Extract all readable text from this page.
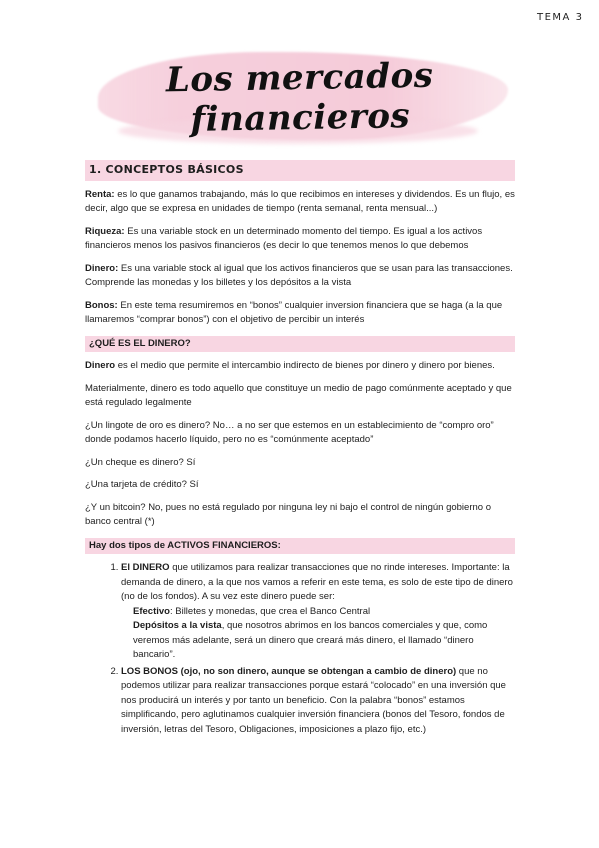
TEMA 3
Los mercados financieros
1. CONCEPTOS BÁSICOS

Renta: es lo que ganamos trabajando, más lo que recibimos en intereses y dividendos. Es un flujo, es decir, algo que se expresa en unidades de tiempo (renta semanal, renta mensual...)

Riqueza: Es una variable stock en un determinado momento del tiempo. Es igual a los activos financieros menos los pasivos financieros (es decir lo que tenemos menos lo que debemos

Dinero: Es una variable stock al igual que los activos financieros que se usan para las transacciones. Comprende las monedas y los billetes y los depósitos a la vista

Bonos: En este tema resumiremos en “bonos” cualquier inversion financiera que se haga (a la que llamaremos “comprar bonos”) con el objetivo de percibir un interés

¿QUÉ ES EL DINERO?

Dinero es el medio que permite el intercambio indirecto de bienes por dinero y dinero por bienes.

Materialmente, dinero es todo aquello que constituye un medio de pago comúnmente aceptado y que está regulado legalmente

¿Un lingote de oro es dinero? No… a no ser que estemos en un establecimiento de “compro oro” donde podamos hacerlo líquido, pero no es “comúnmente aceptado”

¿Un cheque es dinero? Sí

¿Una tarjeta de crédito? Sí

¿Y un bitcoin? No, pues no está regulado por ninguna ley ni bajo el control de ningún gobierno o banco central (*)

Hay dos tipos de ACTIVOS FINANCIEROS:
1. El DINERO que utilizamos para realizar transacciones que no rinde intereses. Importante: la demanda de dinero, a la que nos vamos a referir en este tema, es solo de este tipo de dinero (no de los fondos). A su vez este dinero puede ser:
Efectivo: Billetes y monedas, que crea el Banco Central
Depósitos a la vista, que nosotros abrimos en los bancos comerciales y que, como veremos más adelante, será un dinero que creará más dinero, el llamado “dinero bancario”.
2. LOS BONOS (ojo, no son dinero, aunque se obtengan a cambio de dinero) que no podemos utilizar para realizar transacciones porque estará “colocado” en una inversión que nos producirá un interés y por tanto un beneficio. Con la palabra “bonos” estamos simplificando, pero aglutinamos cualquier inversión financiera (bonos del Tesoro, fondos de inversión, letras del Tesoro, Obligaciones, imposiciones a plazo fijo, etc.)
